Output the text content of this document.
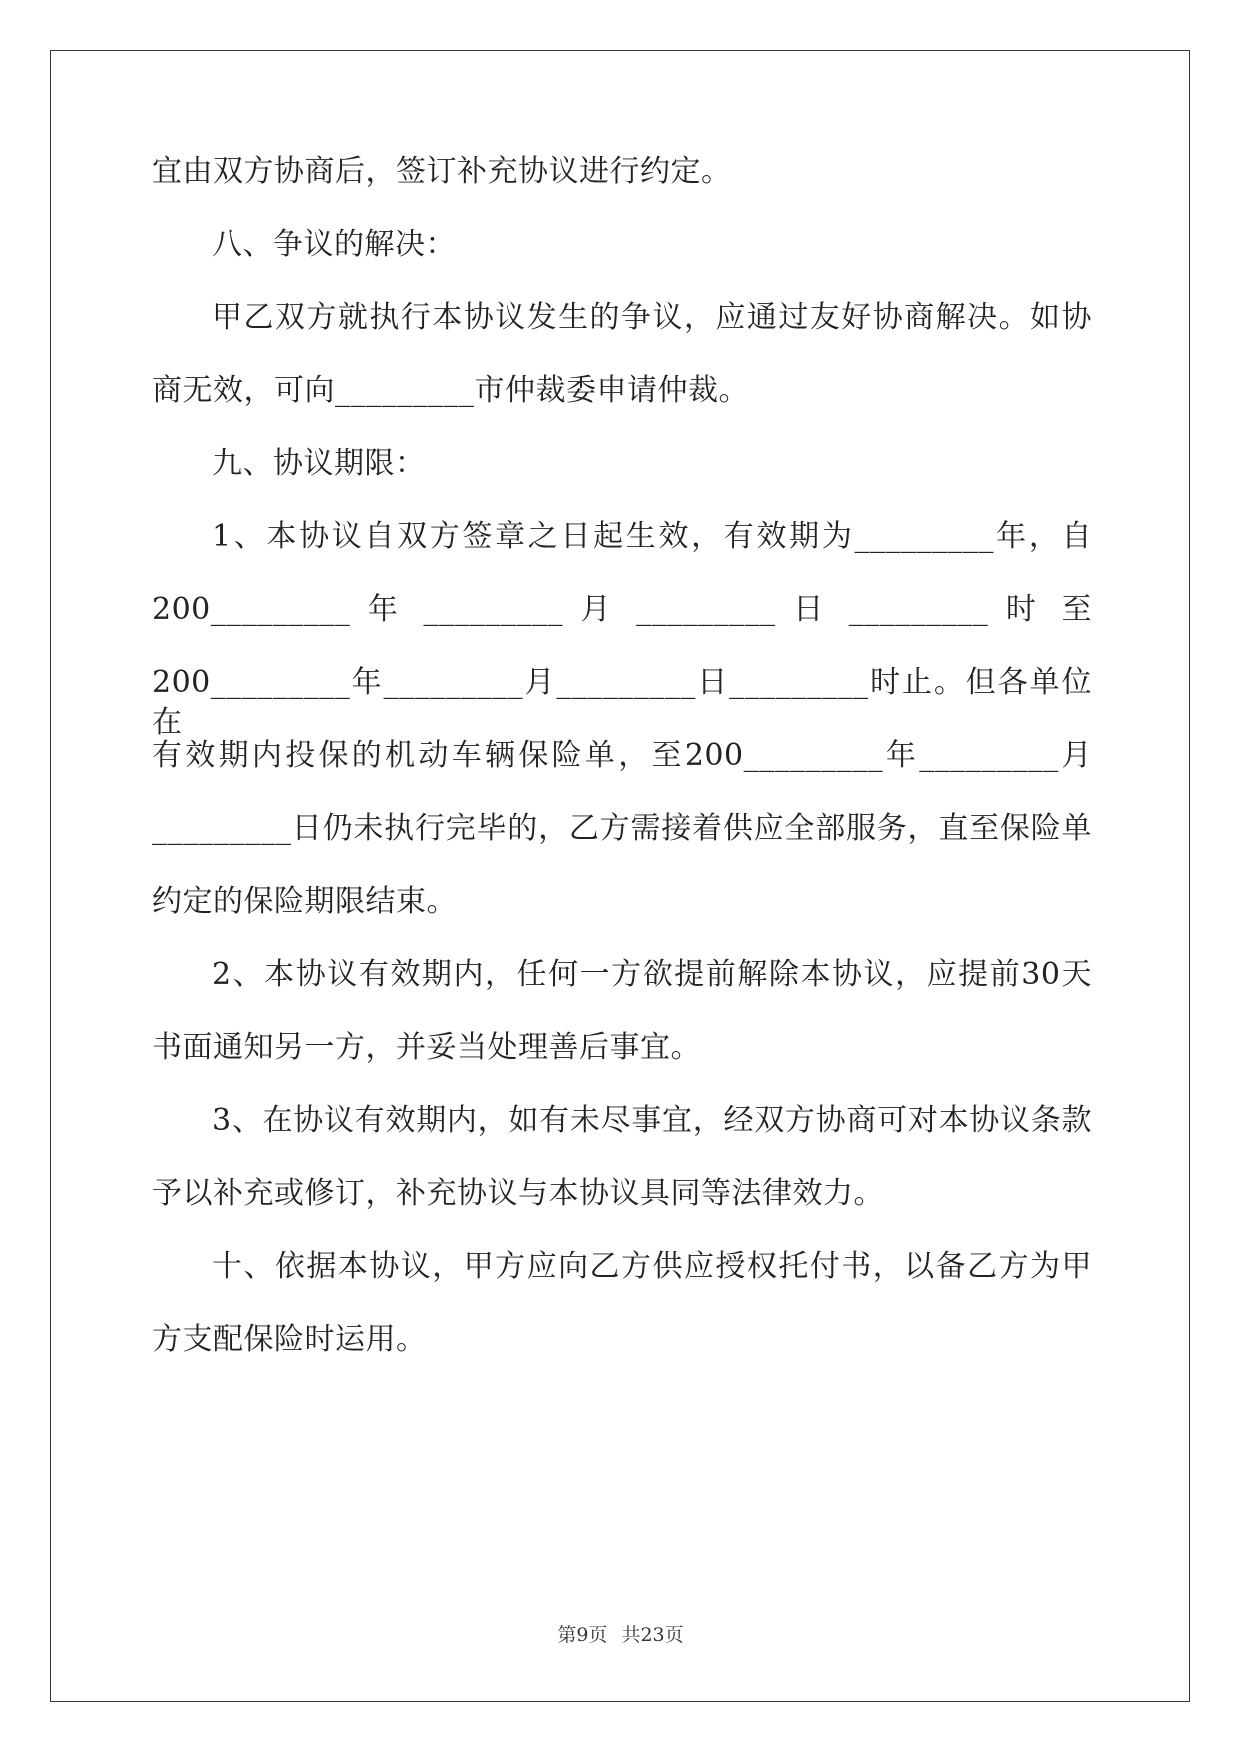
宜由双方协商后，签订补充协议进行约定。
八、争议的解决：
甲乙双方就执行本协议发生的争议，应通过友好协商解决。如协
商无效，可向_________市仲裁委申请仲裁。
九、协议期限：
1、本协议自双方签章之日起生效，有效期为_________年，自
200_________ 年 _________ 月 _________ 日 _________ 时 至
200_________年_________月_________日_________时止。但各单位在
有效期内投保的机动车辆保险单，至200_________年_________月
_________日仍未执行完毕的，乙方需接着供应全部服务，直至保险单
约定的保险期限结束。
2、本协议有效期内，任何一方欲提前解除本协议，应提前30天
书面通知另一方，并妥当处理善后事宜。
3、在协议有效期内，如有未尽事宜，经双方协商可对本协议条款
予以补充或修订，补充协议与本协议具同等法律效力。
十、依据本协议，甲方应向乙方供应授权托付书，以备乙方为甲
方支配保险时运用。
第9页 共23页
